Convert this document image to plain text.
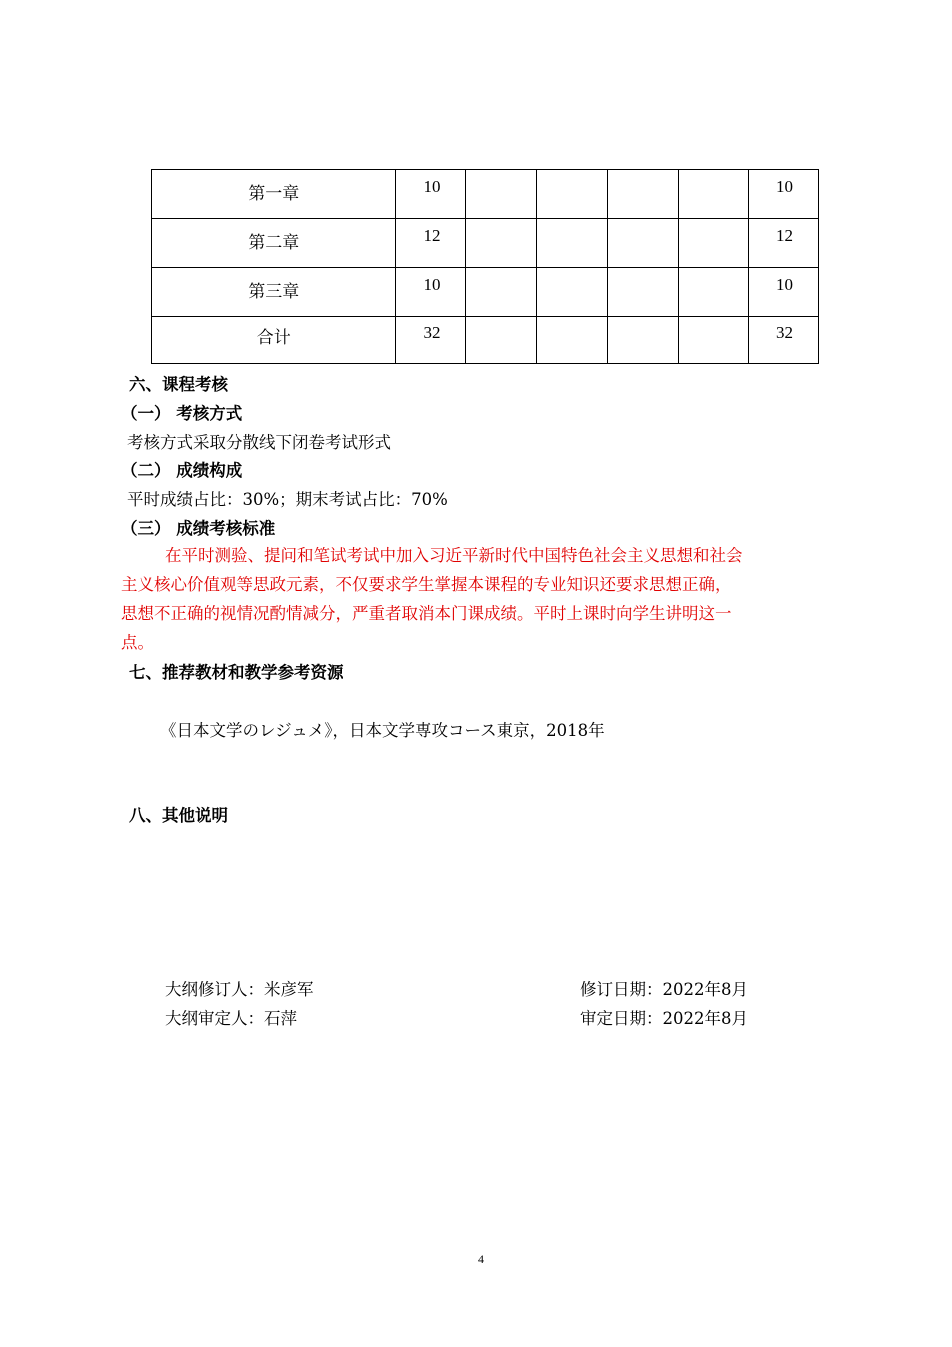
第一章	10					10
第二章	12					12
第三章	10					10
合计	32					32
六、课程考核
（一） 考核方式
考核方式采取分散线下闭卷考试形式
（二） 成绩构成
平时成绩占比：30%；期末考试占比：70%
（三） 成绩考核标准
在平时测验、提问和笔试考试中加入习近平新时代中国特色社会主义思想和社会
主义核心价值观等思政元素，不仅要求学生掌握本课程的专业知识还要求思想正确，
思想不正确的视情况酌情减分，严重者取消本门课成绩。平时上课时向学生讲明这一
点。
七、推荐教材和教学参考资源
《日本文学のレジュメ》，日本文学専攻コース東京，2018年
八、其他说明
大纲修订人：米彦军	修订日期：2022年8月
大纲审定人：石萍	审定日期：2022年8月
4
